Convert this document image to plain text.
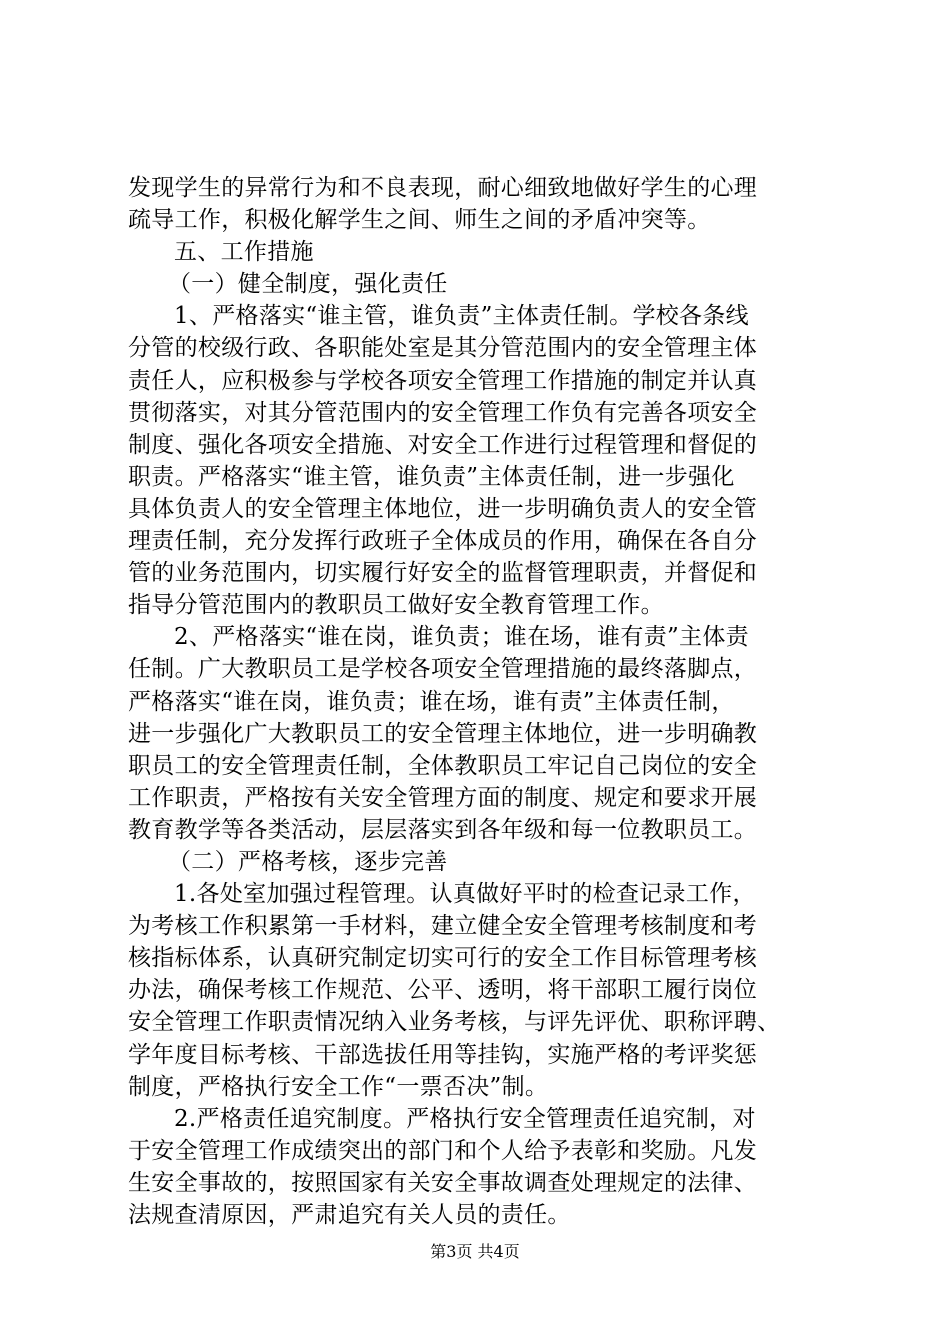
发现学生的异常行为和不良表现，耐心细致地做好学生的心理
疏导工作，积极化解学生之间、师生之间的矛盾冲突等。
五、工作措施
（一）健全制度，强化责任
1、严格落实“谁主管，谁负责”主体责任制。学校各条线
分管的校级行政、各职能处室是其分管范围内的安全管理主体
责任人，应积极参与学校各项安全管理工作措施的制定并认真
贯彻落实，对其分管范围内的安全管理工作负有完善各项安全
制度、强化各项安全措施、对安全工作进行过程管理和督促的
职责。严格落实“谁主管，谁负责”主体责任制，进一步强化
具体负责人的安全管理主体地位，进一步明确负责人的安全管
理责任制，充分发挥行政班子全体成员的作用，确保在各自分
管的业务范围内，切实履行好安全的监督管理职责，并督促和
指导分管范围内的教职员工做好安全教育管理工作。
2、严格落实“谁在岗，谁负责；谁在场，谁有责”主体责
任制。广大教职员工是学校各项安全管理措施的最终落脚点，
严格落实“谁在岗，谁负责；谁在场，谁有责”主体责任制，
进一步强化广大教职员工的安全管理主体地位，进一步明确教
职员工的安全管理责任制，全体教职员工牢记自己岗位的安全
工作职责，严格按有关安全管理方面的制度、规定和要求开展
教育教学等各类活动，层层落实到各年级和每一位教职员工。
（二）严格考核，逐步完善
1.各处室加强过程管理。认真做好平时的检查记录工作，
为考核工作积累第一手材料，建立健全安全管理考核制度和考
核指标体系，认真研究制定切实可行的安全工作目标管理考核
办法，确保考核工作规范、公平、透明，将干部职工履行岗位
安全管理工作职责情况纳入业务考核，与评先评优、职称评聘、
学年度目标考核、干部选拔任用等挂钩，实施严格的考评奖惩
制度，严格执行安全工作“一票否决”制。
2.严格责任追究制度。严格执行安全管理责任追究制，对
于安全管理工作成绩突出的部门和个人给予表彰和奖励。凡发
生安全事故的，按照国家有关安全事故调查处理规定的法律、
法规查清原因，严肃追究有关人员的责任。
第3页 共4页
